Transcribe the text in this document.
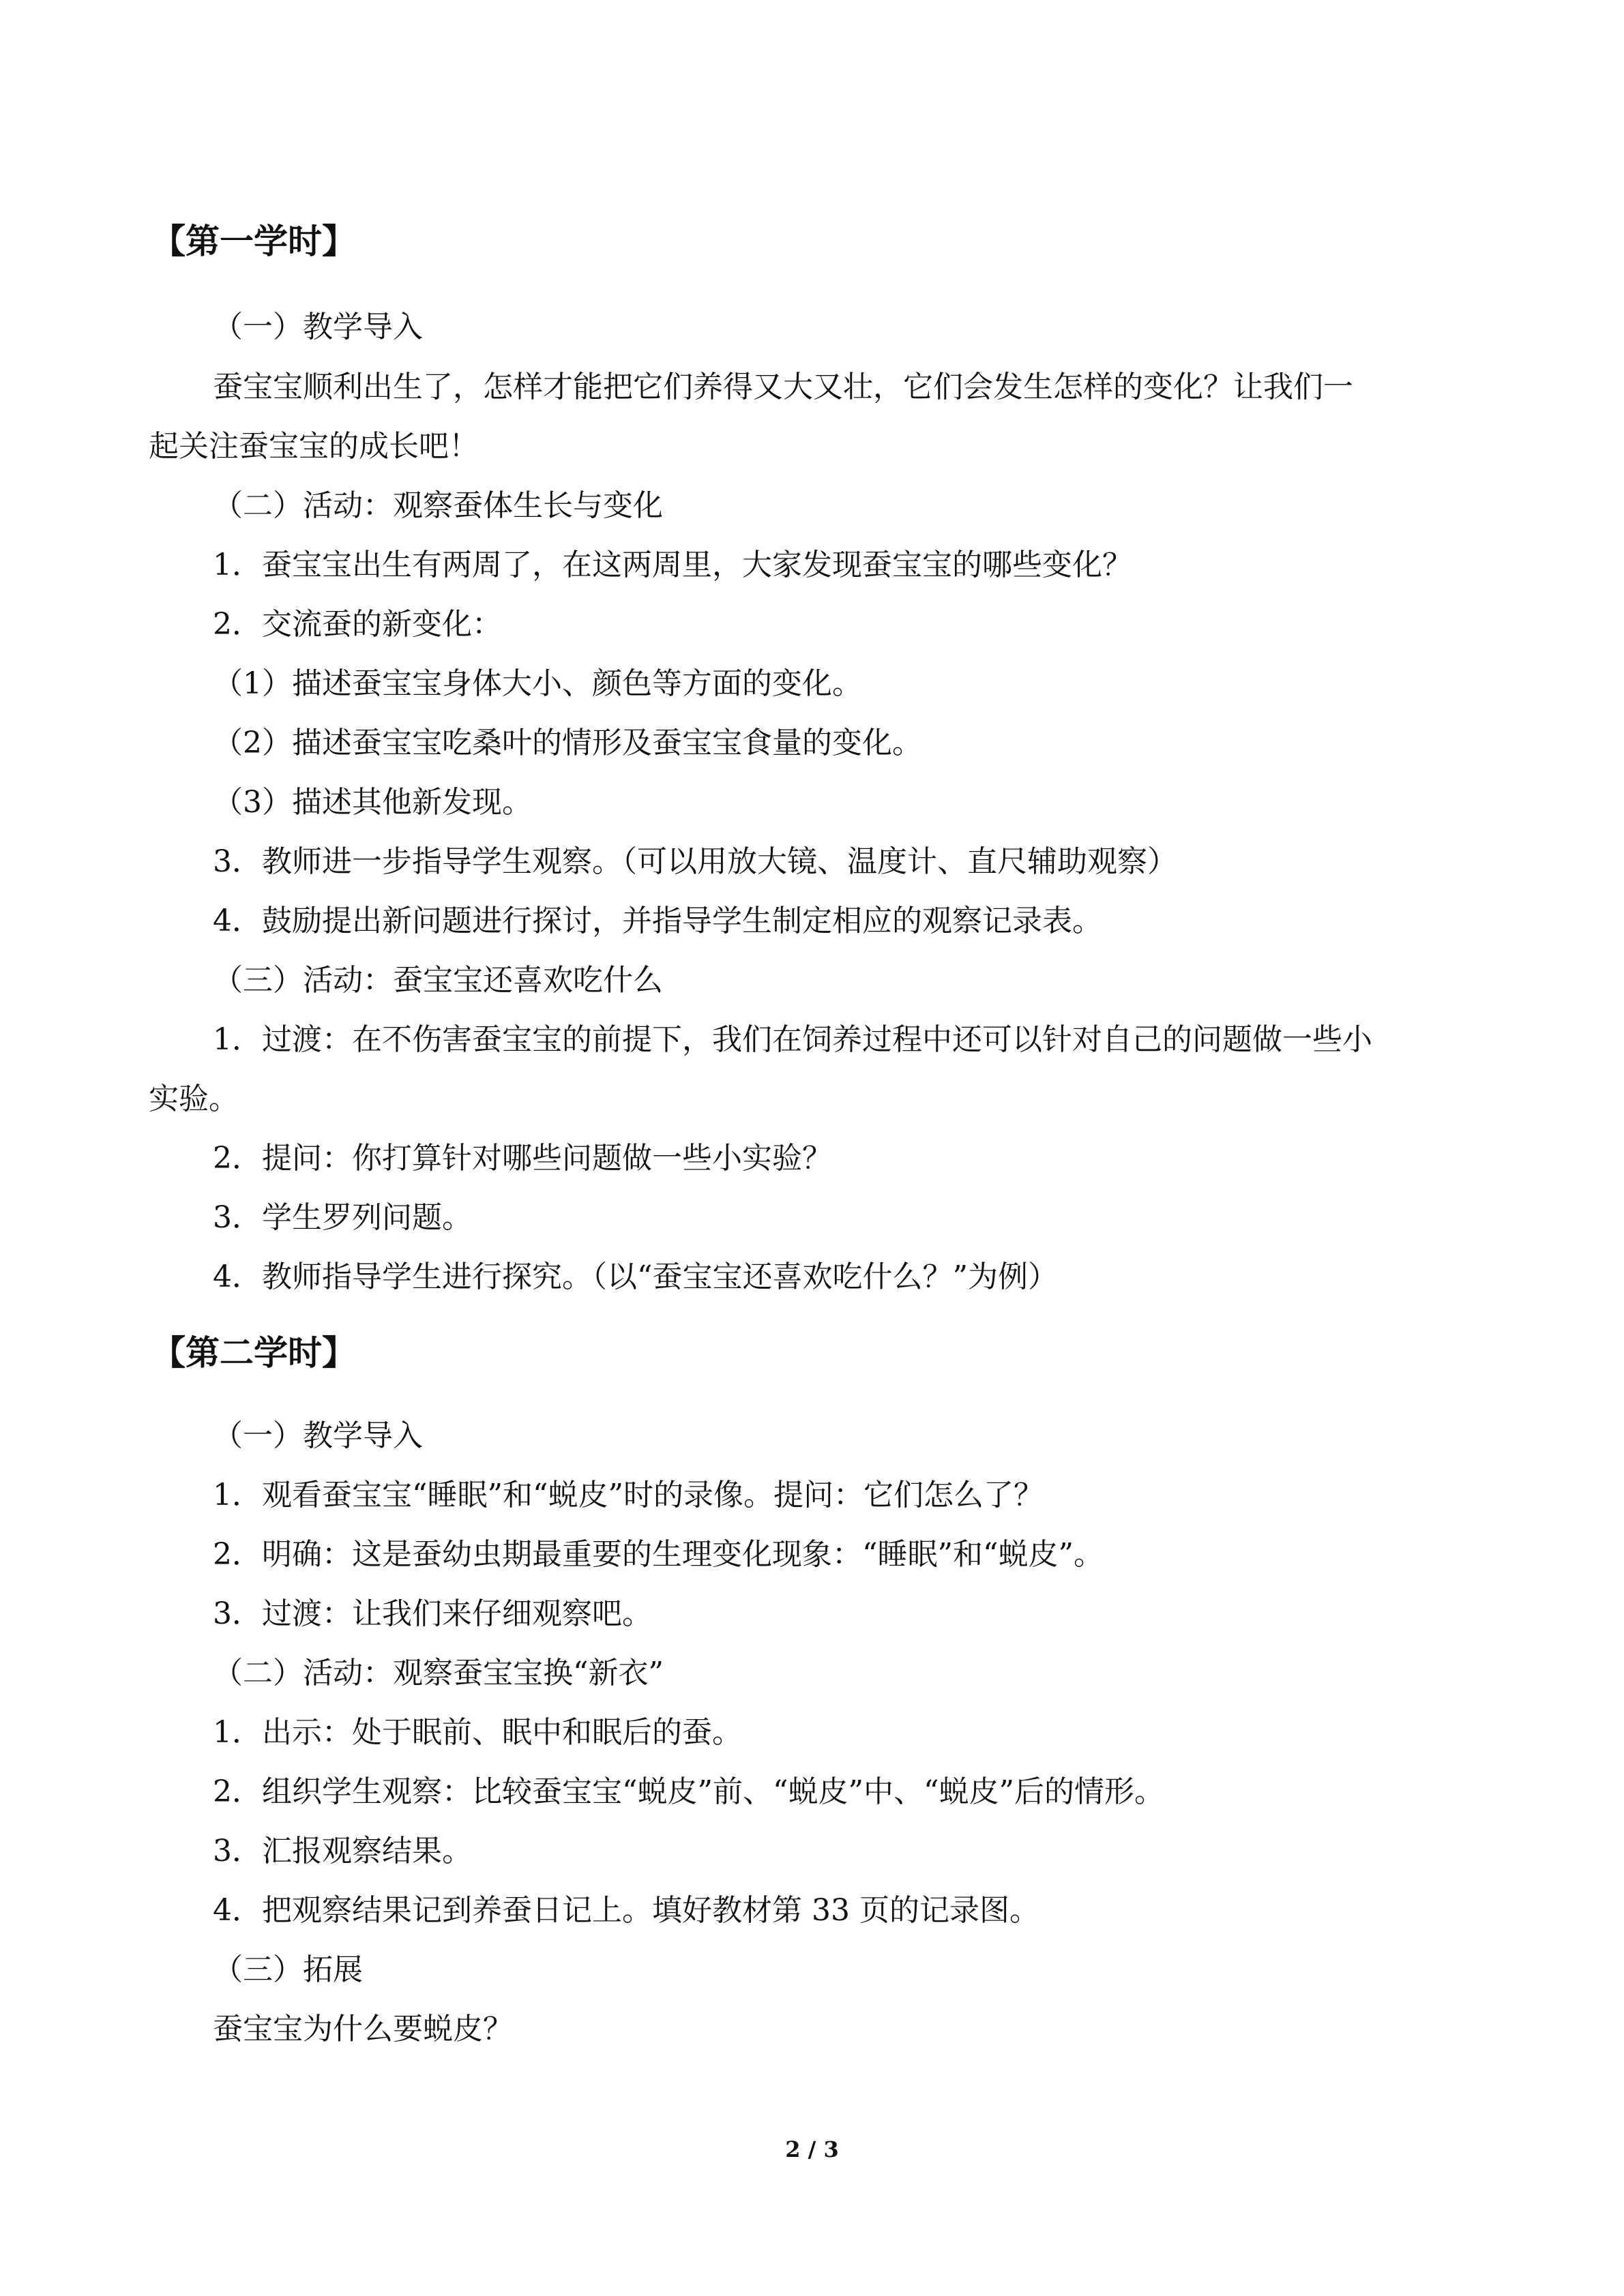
【第一学时】
（一）教学导入
蚕宝宝顺利出生了，怎样才能把它们养得又大又壮，它们会发生怎样的变化？让我们一
起关注蚕宝宝的成长吧！
（二）活动：观察蚕体生长与变化
1．蚕宝宝出生有两周了，在这两周里，大家发现蚕宝宝的哪些变化？
2．交流蚕的新变化：
（1）描述蚕宝宝身体大小、颜色等方面的变化。
（2）描述蚕宝宝吃桑叶的情形及蚕宝宝食量的变化。
（3）描述其他新发现。
3．教师进一步指导学生观察。（可以用放大镜、温度计、直尺辅助观察）
4．鼓励提出新问题进行探讨，并指导学生制定相应的观察记录表。
（三）活动：蚕宝宝还喜欢吃什么
1．过渡：在不伤害蚕宝宝的前提下，我们在饲养过程中还可以针对自己的问题做一些小
实验。
2．提问：你打算针对哪些问题做一些小实验？
3．学生罗列问题。
4．教师指导学生进行探究。（以“蚕宝宝还喜欢吃什么？”为例）
【第二学时】
（一）教学导入
1．观看蚕宝宝“睡眠”和“蜕皮”时的录像。提问：它们怎么了？
2．明确：这是蚕幼虫期最重要的生理变化现象：“睡眠”和“蜕皮”。
3．过渡：让我们来仔细观察吧。
（二）活动：观察蚕宝宝换“新衣”
1．出示：处于眠前、眠中和眠后的蚕。
2．组织学生观察：比较蚕宝宝“蜕皮”前、“蜕皮”中、“蜕皮”后的情形。
3．汇报观察结果。
4．把观察结果记到养蚕日记上。填好教材第 33 页的记录图。
（三）拓展
蚕宝宝为什么要蜕皮？
2 / 3
